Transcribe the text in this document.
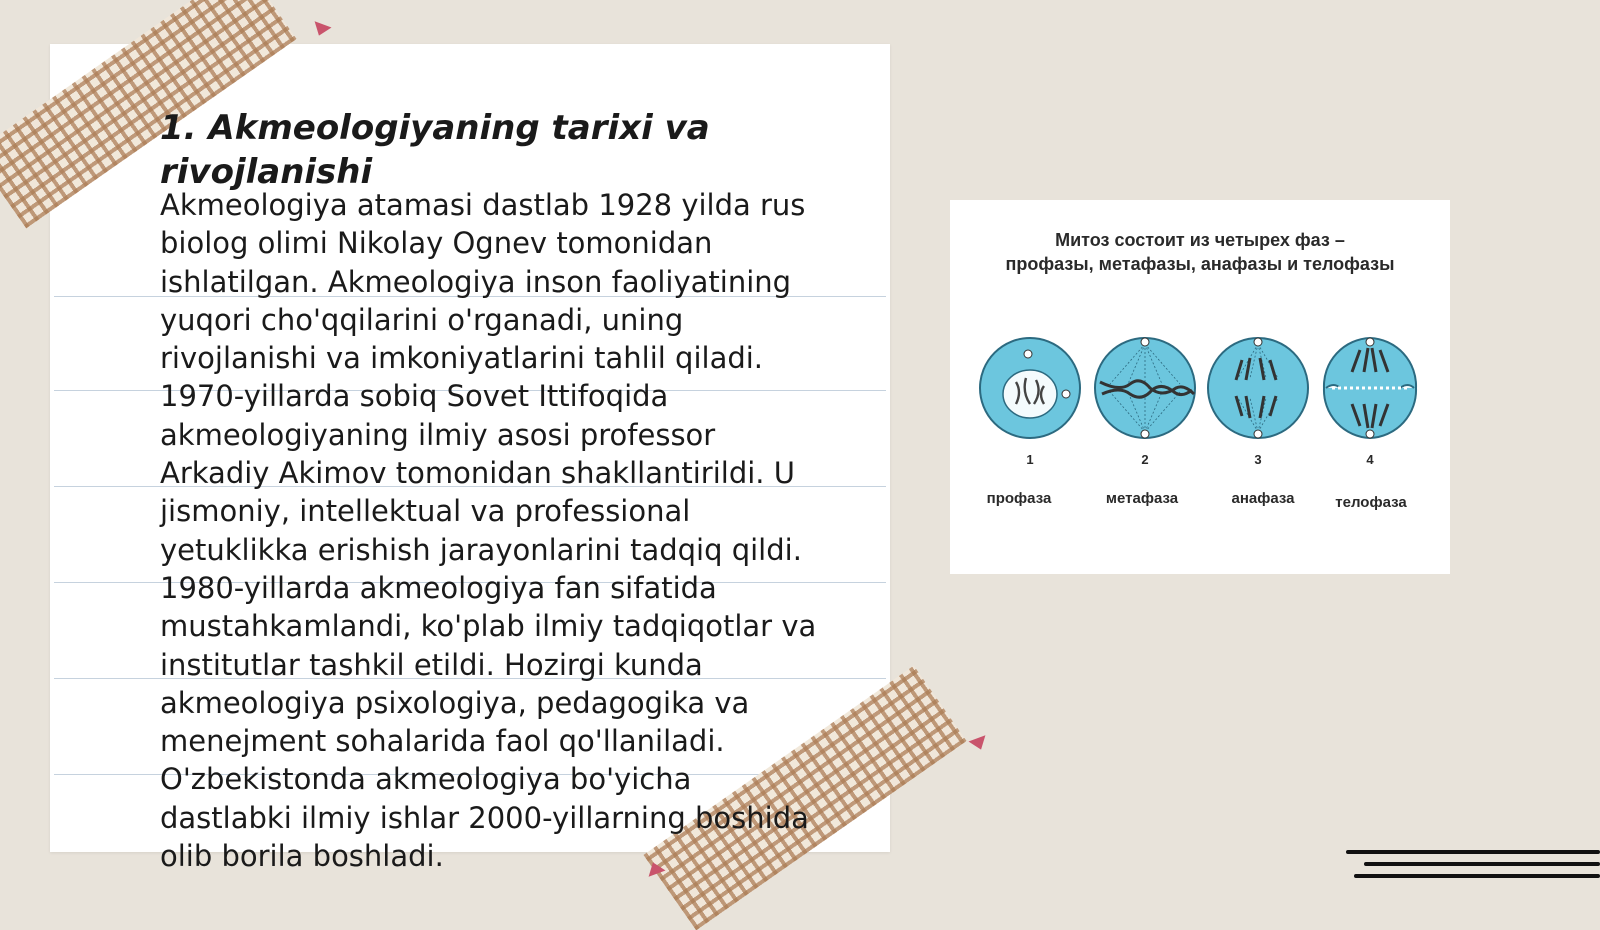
1. Akmeologiyaning tarixi va rivojlanishi

Akmeologiya atamasi dastlab 1928 yilda rus
biolog olimi Nikolay Ognev tomonidan
ishlatilgan. Akmeologiya inson faoliyatining
yuqori cho'qqilarini o'rganadi, uning
rivojlanishi va imkoniyatlarini tahlil qiladi.
1970-yillarda sobiq Sovet Ittifoqida
akmeologiyaning ilmiy asosi professor
Arkadiy Akimov tomonidan shakllantirildi. U
jismoniy, intellektual va professional
yetuklikka erishish jarayonlarini tadqiq qildi.
1980-yillarda akmeologiya fan sifatida
mustahkamlandi, ko'plab ilmiy tadqiqotlar va
institutlar tashkil etildi. Hozirgi kunda
akmeologiya psixologiya, pedagogika va
menejment sohalarida faol qo'llaniladi.
O'zbekistonda akmeologiya bo'yicha
dastlabki ilmiy ishlar 2000-yillarning boshida
olib borila boshladi.

Митоз состоит из четырех фаз –
профазы, метафазы, анафазы и телофазы
1	2	3	4
профаза	метафаза	анафаза	телофаза
